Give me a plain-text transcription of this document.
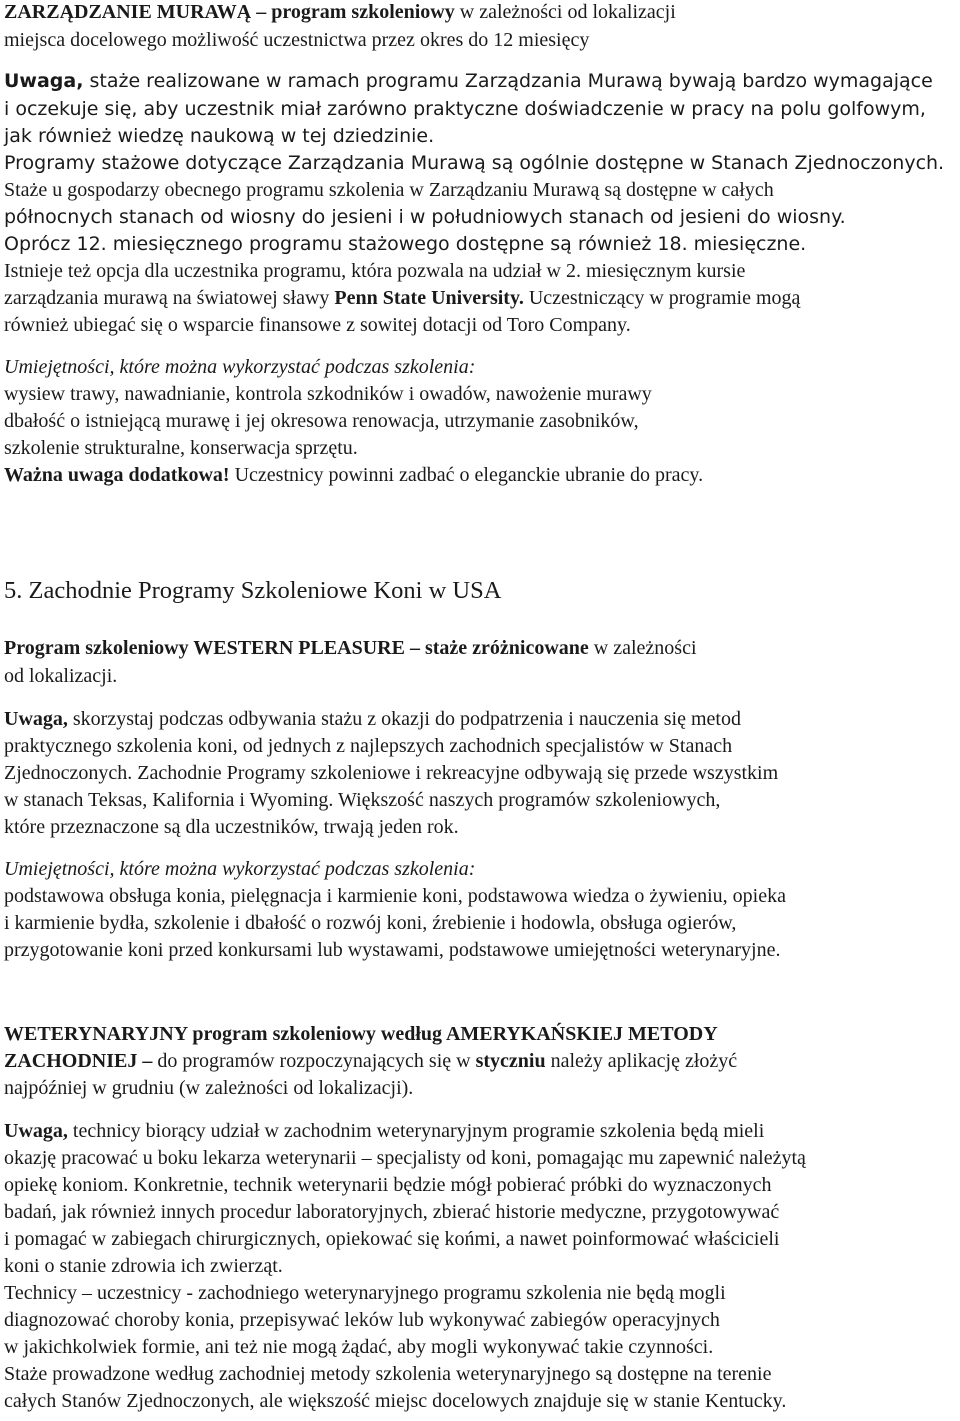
ZARZĄDZANIE MURAWĄ – program szkoleniowy w zależności od lokalizacji
miejsca docelowego możliwość uczestnictwa przez okres do 12 miesięcy
Uwaga, staże realizowane w ramach programu Zarządzania Murawą bywają bardzo wymagające
i oczekuje się, aby uczestnik miał zarówno praktyczne doświadczenie w pracy na polu golfowym,
jak również wiedzę naukową w tej dziedzinie.
Programy stażowe dotyczące Zarządzania Murawą są ogólnie dostępne w Stanach Zjednoczonych.
Staże u gospodarzy obecnego programu szkolenia w Zarządzaniu Murawą są dostępne w całych
północnych stanach od wiosny do jesieni i w południowych stanach od jesieni do wiosny.
Oprócz 12. miesięcznego programu stażowego dostępne są również 18. miesięczne.
Istnieje też opcja dla uczestnika programu, która pozwala na udział w 2. miesięcznym kursie
zarządzania murawą na światowej sławy Penn State University. Uczestniczący w programie mogą
również ubiegać się o wsparcie finansowe z sowitej dotacji od Toro Company.
Umiejętności, które można wykorzystać podczas szkolenia:
wysiew trawy, nawadnianie, kontrola szkodników i owadów, nawożenie murawy
dbałość o istniejącą murawę i jej okresowa renowacja, utrzymanie zasobników,
szkolenie strukturalne, konserwacja sprzętu.
Ważna uwaga dodatkowa! Uczestnicy powinni zadbać o eleganckie ubranie do pracy.
5. Zachodnie Programy Szkoleniowe Koni w USA
Program szkoleniowy WESTERN PLEASURE – staże zróżnicowane w zależności
od lokalizacji.
Uwaga, skorzystaj podczas odbywania stażu z okazji do podpatrzenia i nauczenia się metod
praktycznego szkolenia koni, od jednych z najlepszych zachodnich specjalistów w Stanach
Zjednoczonych. Zachodnie Programy szkoleniowe i rekreacyjne odbywają się przede wszystkim
w stanach Teksas, Kalifornia i Wyoming. Większość naszych programów szkoleniowych,
które przeznaczone są dla uczestników, trwają jeden rok.
Umiejętności, które można wykorzystać podczas szkolenia:
podstawowa obsługa konia, pielęgnacja i karmienie koni, podstawowa wiedza o żywieniu, opieka
i karmienie bydła, szkolenie i dbałość o rozwój koni, źrebienie i hodowla, obsługa ogierów,
przygotowanie koni przed konkursami lub wystawami, podstawowe umiejętności weterynaryjne.
WETERYNARYJNY program szkoleniowy według AMERYKAŃSKIEJ METODY
ZACHODNIEJ – do programów rozpoczynających się w styczniu należy aplikację złożyć
najpóźniej w grudniu (w zależności od lokalizacji).
Uwaga, technicy biorący udział w zachodnim weterynaryjnym programie szkolenia będą mieli
okazję pracować u boku lekarza weterynarii – specjalisty od koni, pomagając mu zapewnić należytą
opiekę koniom. Konkretnie, technik weterynarii będzie mógł pobierać próbki do wyznaczonych
badań, jak również innych procedur laboratoryjnych, zbierać historie medyczne, przygotowywać
i pomagać w zabiegach chirurgicznych, opiekować się końmi, a nawet poinformować właścicieli
koni o stanie zdrowia ich zwierząt.
Technicy – uczestnicy - zachodniego weterynaryjnego programu szkolenia nie będą mogli
diagnozować choroby konia, przepisywać leków lub wykonywać zabiegów operacyjnych
w jakichkolwiek formie, ani też nie mogą żądać, aby mogli wykonywać takie czynności.
Staże prowadzone według zachodniej metody szkolenia weterynaryjnego są dostępne na terenie
całych Stanów Zjednoczonych, ale większość miejsc docelowych znajduje się w stanie Kentucky.
